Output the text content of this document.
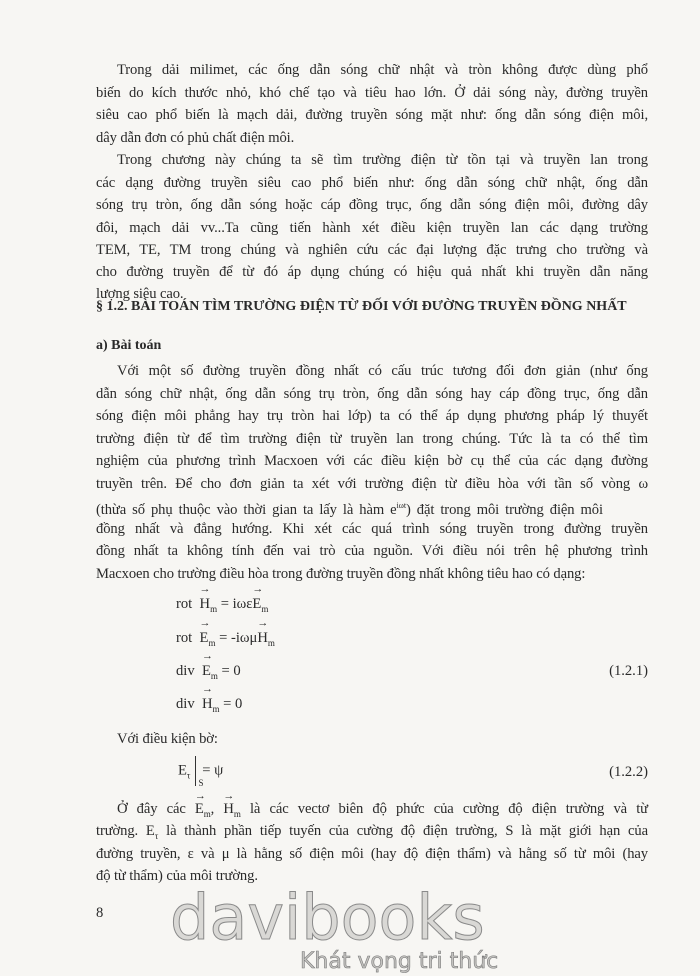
Trong dải milimet, các ống dẫn sóng chữ nhật và tròn không được dùng phổ
biến do kích thước nhỏ, khó chế tạo và tiêu hao lớn. Ở dải sóng này, đường truyền
siêu cao phổ biến là mạch dải, đường truyền sóng mặt như: ống dẫn sóng điện môi,
dây dẫn đơn có phủ chất điện môi.
Trong chương này chúng ta sẽ tìm trường điện từ tồn tại và truyền lan trong
các dạng đường truyền siêu cao phổ biến như: ống dẫn sóng chữ nhật, ống dẫn
sóng trụ tròn, ống dẫn sóng hoặc cáp đồng trục, ống dẫn sóng điện môi, đường dây
đôi, mạch dải vv...Ta cũng tiến hành xét điều kiện truyền lan các dạng trường
TEM, TE, TM trong chúng và nghiên cứu các đại lượng đặc trưng cho trường và
cho đường truyền để từ đó áp dụng chúng có hiệu quả nhất khi truyền dẫn năng
lượng siêu cao.
§ 1.2. BÀI TOÁN TÌM TRƯỜNG ĐIỆN TỪ ĐỐI VỚI ĐƯỜNG TRUYỀN ĐỒNG NHẤT
a) Bài toán
Với một số đường truyền đồng nhất có cấu trúc tương đối đơn giản (như ống
dẫn sóng chữ nhật, ống dẫn sóng trụ tròn, ống dẫn sóng hay cáp đồng trục, ống dẫn
sóng điện môi phẳng hay trụ tròn hai lớp) ta có thể áp dụng phương pháp lý thuyết
trường điện từ để tìm trường điện từ truyền lan trong chúng. Tức là ta có thể tìm
nghiệm của phương trình Macxoen với các điều kiện bờ cụ thể của các dạng đường
truyền trên. Để cho đơn giản ta xét với trường điện từ điều hòa với tần số vòng ω
(thừa số phụ thuộc vào thời gian ta lấy là hàm $e^{i\omega t}$) đặt trong môi trường điện môi
đồng nhất và đẳng hướng. Khi xét các quá trình sóng truyền trong đường truyền
đồng nhất ta không tính đến vai trò của nguồn. Với điều nói trên hệ phương trình
Macxoen cho trường điều hòa trong đường truyền đồng nhất không tiêu hao có dạng:
rot → $H_m = i\omega\varepsilon\to E_m$
rot → $E_m = -i\omega\mu\to H_m$
div → $E_m = 0$	(1.2.1)
div → $H_m = 0$
Với điều kiện bờ:
$E_\tau$
S
= ψ	(1.2.2)
Ở đây các → $E_m$, → $H_m$ là các vectơ biên độ phức của cường độ điện trường và từ
trường. $E_\tau$ là thành phần tiếp tuyến của cường độ điện trường, S là mặt giới hạn của
đường truyền, ε và μ là hằng số điện môi (hay độ điện thẩm) và hằng số từ môi (hay
độ từ thẩm) của môi trường.
8 davibooks
Khát vọng tri thức
